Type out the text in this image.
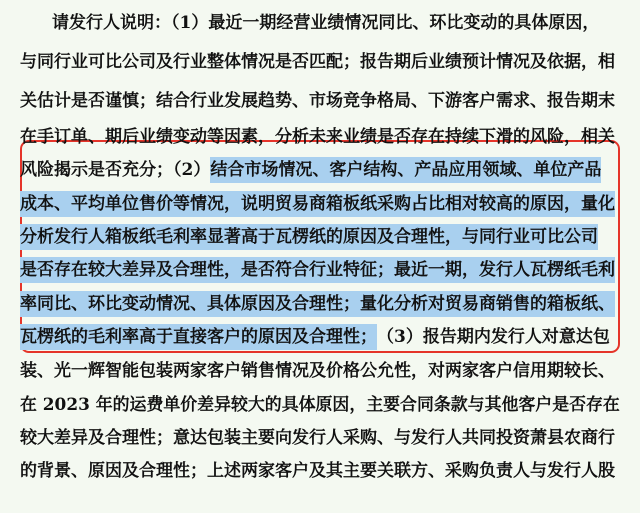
请发行人说明：（1）最近一期经营业绩情况同比、环比变动的具体原因，
与同行业可比公司及行业整体情况是否匹配；报告期后业绩预计情况及依据，相
关估计是否谨慎；结合行业发展趋势、市场竞争格局、下游客户需求、报告期末
在手订单、期后业绩变动等因素，分析未来业绩是否存在持续下滑的风险，相关
风险揭示是否充分；（2）结合市场情况、客户结构、产品应用领域、单位产品
成本、平均单位售价等情况，说明贸易商箱板纸采购占比相对较高的原因，量化
分析发行人箱板纸毛利率显著高于瓦楞纸的原因及合理性，与同行业可比公司
是否存在较大差异及合理性，是否符合行业特征；最近一期，发行人瓦楞纸毛利
率同比、环比变动情况、具体原因及合理性；量化分析对贸易商销售的箱板纸、
瓦楞纸的毛利率高于直接客户的原因及合理性；（3）报告期内发行人对意达包
装、光一辉智能包装两家客户销售情况及价格公允性，对两家客户信用期较长、
在 2023 年的运费单价差异较大的具体原因，主要合同条款与其他客户是否存在
较大差异及合理性；意达包装主要向发行人采购、与发行人共同投资萧县农商行
的背景、原因及合理性；上述两家客户及其主要关联方、采购负责人与发行人股
